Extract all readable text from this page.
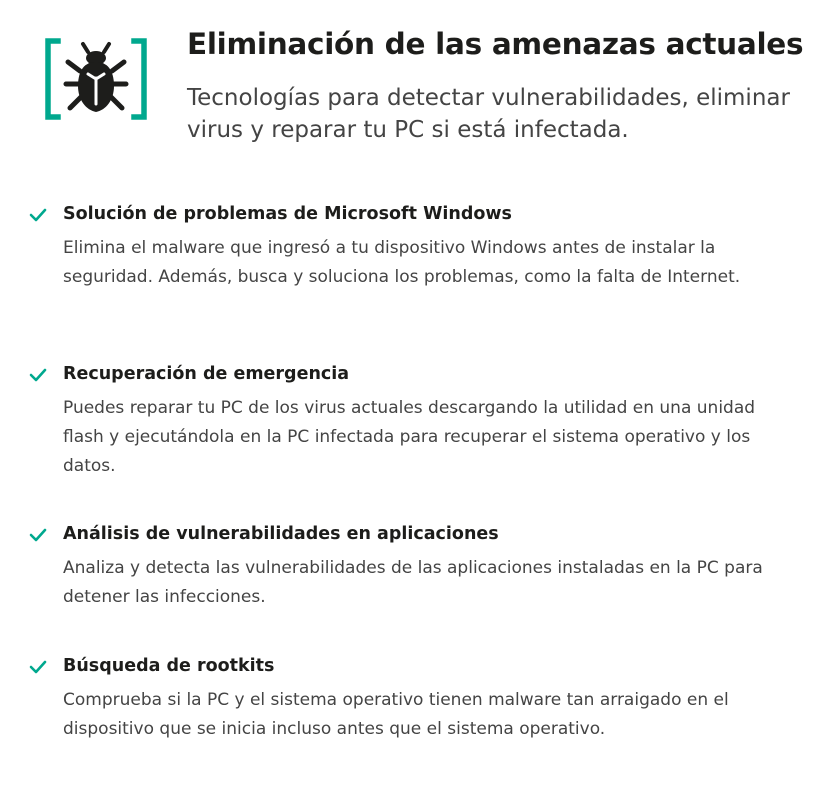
Eliminación de las amenazas actuales

Tecnologías para detectar vulnerabilidades, eliminar virus y reparar tu PC si está infectada.

Solución de problemas de Microsoft Windows

Elimina el malware que ingresó a tu dispositivo Windows antes de instalar la seguridad. Además, busca y soluciona los problemas, como la falta de Internet.

Recuperación de emergencia

Puedes reparar tu PC de los virus actuales descargando la utilidad en una unidad flash y ejecutándola en la PC infectada para recuperar el sistema operativo y los datos.

Análisis de vulnerabilidades en aplicaciones

Analiza y detecta las vulnerabilidades de las aplicaciones instaladas en la PC para detener las infecciones.

Búsqueda de rootkits

Comprueba si la PC y el sistema operativo tienen malware tan arraigado en el dispositivo que se inicia incluso antes que el sistema operativo.
